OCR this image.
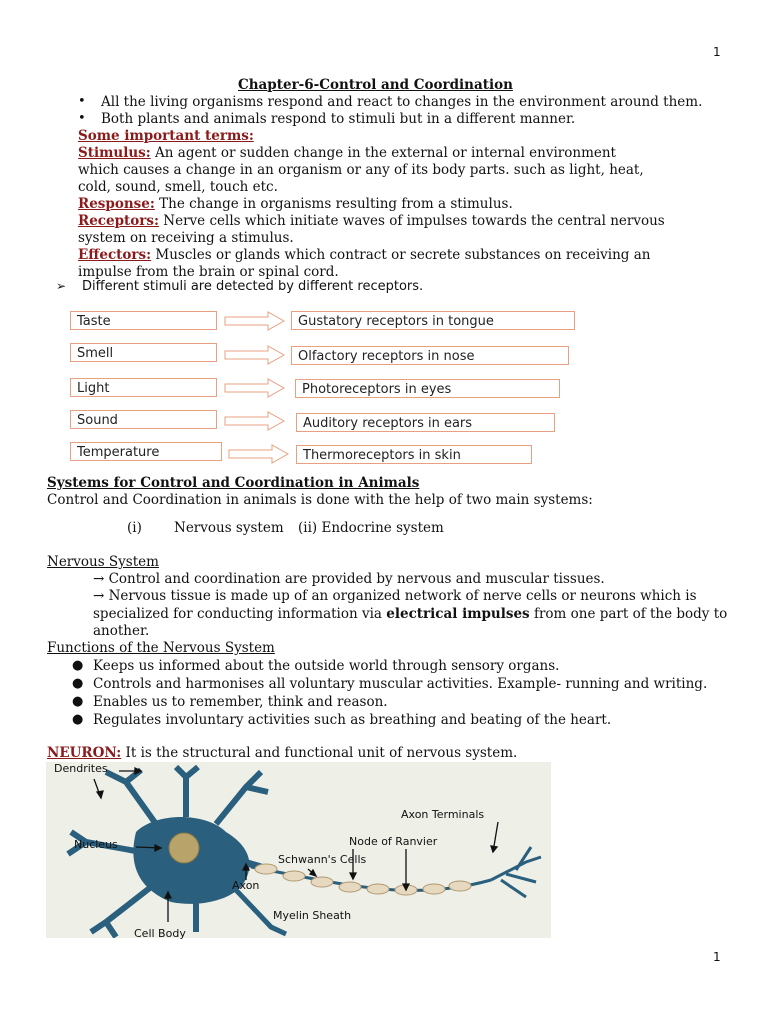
1
Chapter-6-Control and Coordination
• All the living organisms respond and react to changes in the environment around them.
• Both plants and animals respond to stimuli but in a different manner.
Some important terms:
Stimulus: An agent or sudden change in the external or internal environment
which causes a change in an organism or any of its body parts. such as light, heat,
cold, sound, smell, touch etc.
Response: The change in organisms resulting from a stimulus.
Receptors: Nerve cells which initiate waves of impulses towards the central nervous
system on receiving a stimulus.
Effectors: Muscles or glands which contract or secrete substances on receiving an
impulse from the brain or spinal cord.
➢ Different stimuli are detected by different receptors.
Taste	Gustatory receptors in tongue
Smell	Olfactory receptors in nose
Light	Photoreceptors in eyes
Sound	Auditory receptors in ears
Temperature	Thermoreceptors in skin
Systems for Control and Coordination in Animals
Control and Coordination in animals is done with the help of two main systems:
(i) Nervous system (ii) Endocrine system
Nervous System
→ Control and coordination are provided by nervous and muscular tissues.
→ Nervous tissue is made up of an organized network of nerve cells or neurons which is
specialized for conducting information via electrical impulses from one part of the body to
another.
Functions of the Nervous System
● Keeps us informed about the outside world through sensory organs.
● Controls and harmonises all voluntary muscular activities. Example- running and writing.
● Enables us to remember, think and reason.
● Regulates involuntary activities such as breathing and beating of the heart.
NEURON: It is the structural and functional unit of nervous system.
Dendrites
Nucleus
Axon
Schwann's Cells
Node of Ranvier
Axon Terminals
Myelin Sheath
Cell Body
1
